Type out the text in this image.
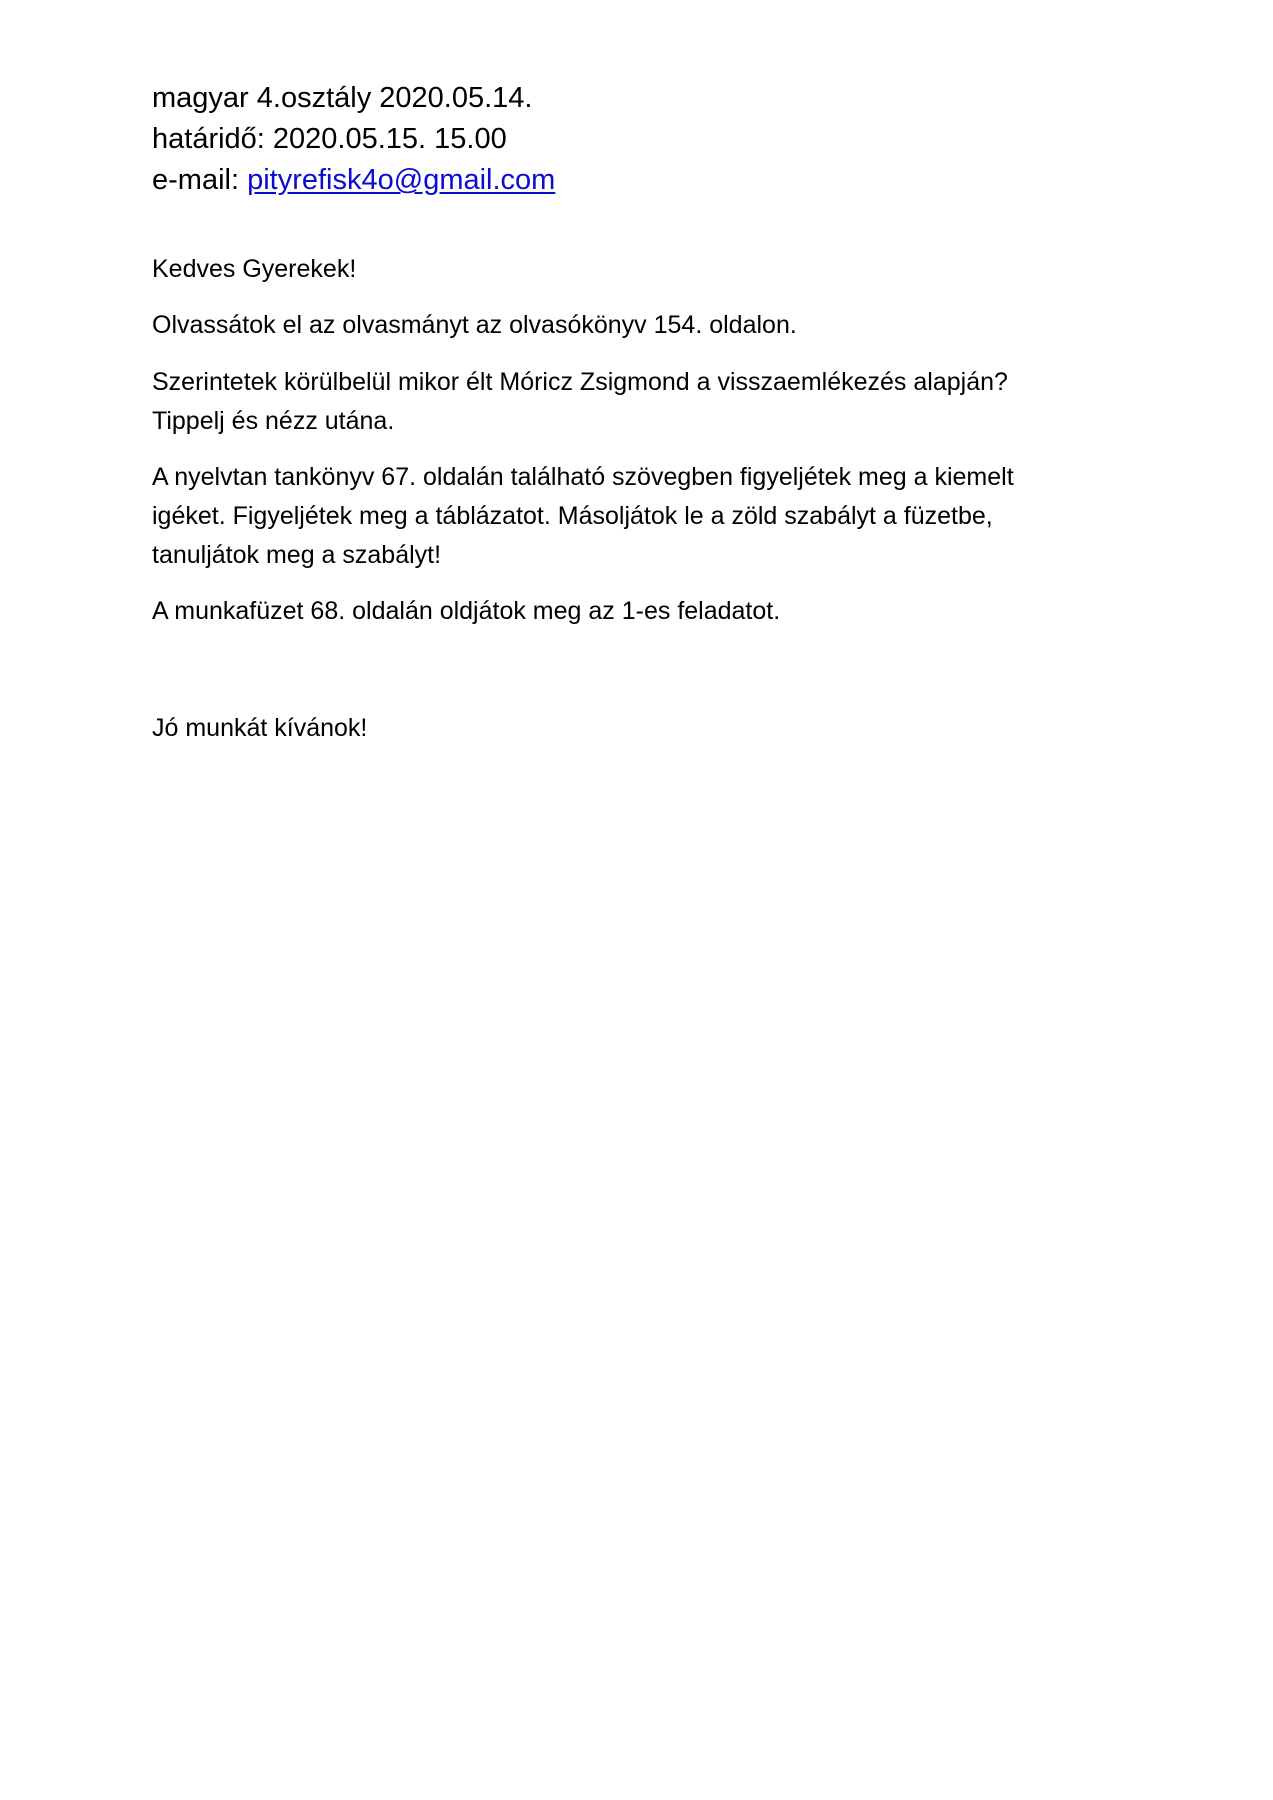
magyar 4.osztály 2020.05.14.
határidő: 2020.05.15. 15.00
e-mail: pityrefisk4o@gmail.com

Kedves Gyerekek!

Olvassátok el az olvasmányt az olvasókönyv 154. oldalon.

Szerintetek körülbelül mikor élt Móricz Zsigmond a visszaemlékezés alapján?
Tippelj és nézz utána.

A nyelvtan tankönyv 67. oldalán található szövegben figyeljétek meg a kiemelt
igéket. Figyeljétek meg a táblázatot. Másoljátok le a zöld szabályt a füzetbe,
tanuljátok meg a szabályt!

A munkafüzet 68. oldalán oldjátok meg az 1-es feladatot.

Jó munkát kívánok!
